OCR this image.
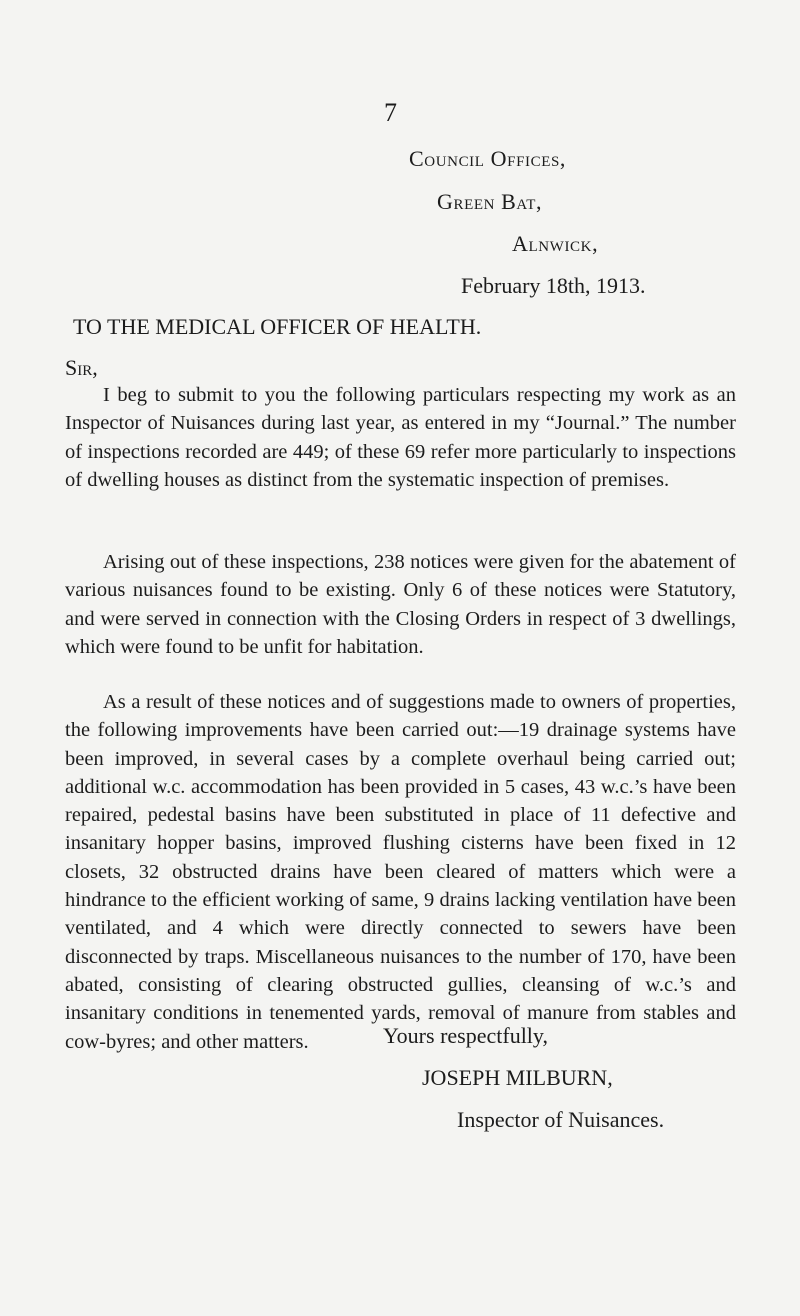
7
Council Offices,
Green Bat,
Alnwick,
February 18th, 1913.
TO THE MEDICAL OFFICER OF HEALTH.
Sir,

I beg to submit to you the following particulars respecting my work as an Inspector of Nuisances during last year, as entered in my “Journal.” The number of inspections recorded are 449; of these 69 refer more particularly to inspections of dwelling houses as distinct from the systematic inspection of premises.

Arising out of these inspections, 238 notices were given for the abatement of various nuisances found to be existing. Only 6 of these notices were Statutory, and were served in connection with the Closing Orders in respect of 3 dwellings, which were found to be unfit for habitation.

As a result of these notices and of suggestions made to owners of properties, the following improvements have been carried out:—19 drainage systems have been improved, in several cases by a complete overhaul being carried out; additional w.c. accommodation has been provided in 5 cases, 43 w.c.’s have been repaired, pedestal basins have been substituted in place of 11 defective and insanitary hopper basins, improved flushing cisterns have been fixed in 12 closets, 32 obstructed drains have been cleared of matters which were a hindrance to the efficient working of same, 9 drains lacking ventilation have been ventilated, and 4 which were directly connected to sewers have been disconnected by traps. Miscellaneous nuisances to the number of 170, have been abated, consisting of clearing obstructed gullies, cleansing of w.c.’s and insanitary conditions in tenemented yards, removal of manure from stables and cow-byres; and other matters.	Yours respectfully,
JOSEPH MILBURN,
Inspector of Nuisances.
